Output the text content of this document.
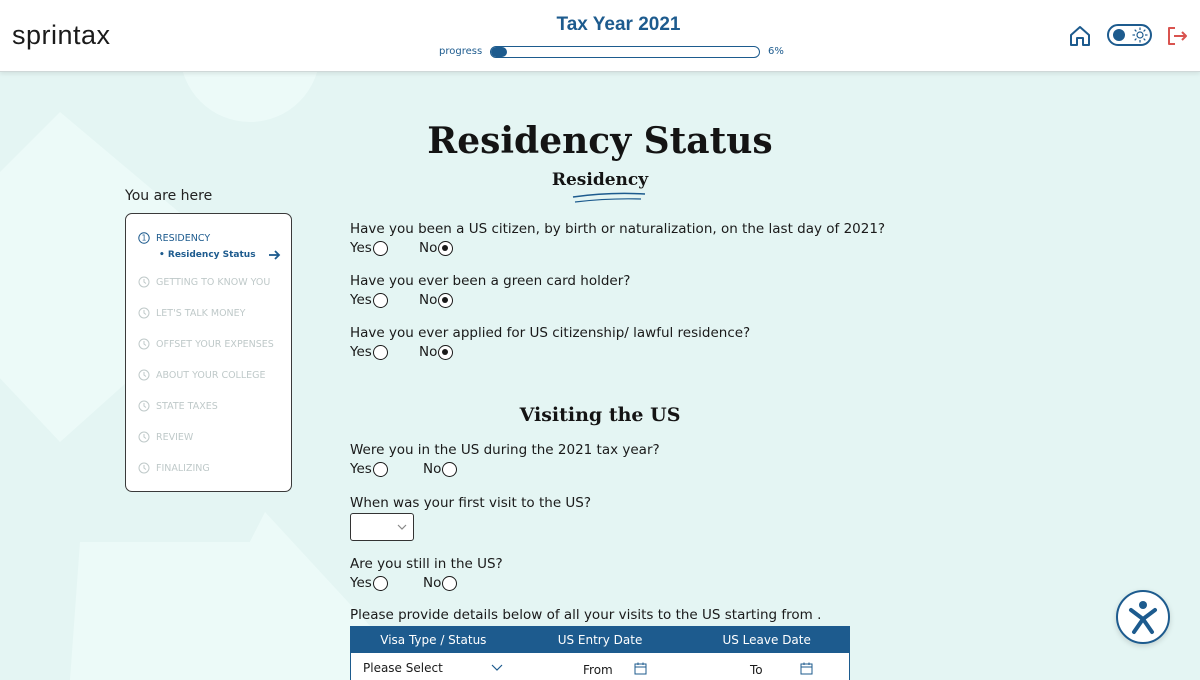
sprintax	Tax Year 2021
progress	6%
Residency Status
Residency
You are here
1 RESIDENCY
• Residency Status
GETTING TO KNOW YOU
LET'S TALK MONEY
OFFSET YOUR EXPENSES
ABOUT YOUR COLLEGE
STATE TAXES
REVIEW
FINALIZING
Have you been a US citizen, by birth or naturalization, on the last day of 2021?
Yes	No
Have you ever been a green card holder?
Yes	No
Have you ever applied for US citizenship/ lawful residence?
Yes	No
Visiting the US
Were you in the US during the 2021 tax year?
Yes	No
When was your first visit to the US?
Are you still in the US?
Yes	No
Please provide details below of all your visits to the US starting from .
Visa Type / Status	US Entry Date	US Leave Date
Please Select	From	To
